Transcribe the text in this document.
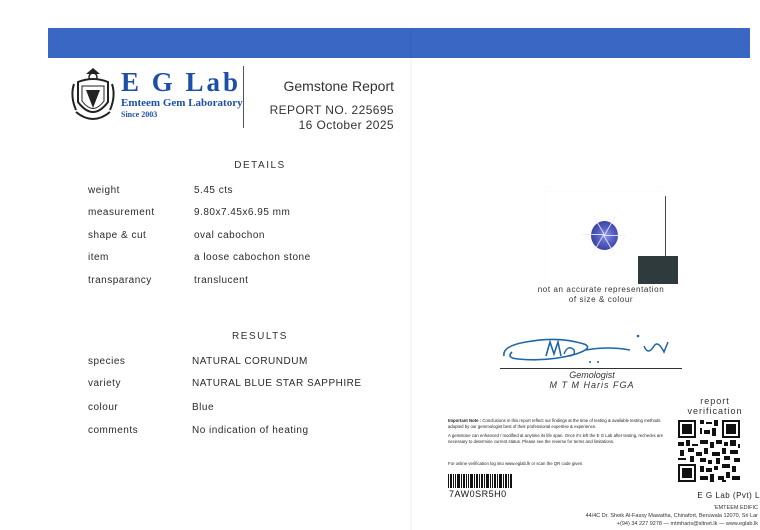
E G Lab
Emteem Gem Laboratory
Since 2003
Gemstone Report
REPORT NO. 225695
16 October 2025
DETAILS
weight	5.45 cts
measurement	9.80x7.45x6.95 mm
shape & cut	oval cabochon
item	a loose cabochon stone
transparancy	translucent
RESULTS
species	NATURAL CORUNDUM
variety	NATURAL BLUE STAR SAPPHIRE
colour	Blue
comments	No indication of heating
not an accurate representation
of size & colour
Gemologist
M T M Haris FGA
report
verification
Important Note : Conclusions in this report reflect our findings at the time of testing & available testing methods adopted by our gemmologist best of their professional expertise & experience.
A gemstone can enhanced / modified at anytime its life span. Once it's left the E G Lab after testing, rechecks are necessary to determine current status. Please see the reverse for terms and limitations.
For online verification log into www.eglab.lk or scan the QR code given.
7AW0SR5H0	E G Lab (Pvt) L
'EMTEEM EDIFIC
44/4C Dr. Sheik Al-Fassy Mawatha, Chinafort, Beruwala 12070, Sri Lar
+(94) 34 227 9278 — mtmharis@sltnet.lk — www.eglab.lk
